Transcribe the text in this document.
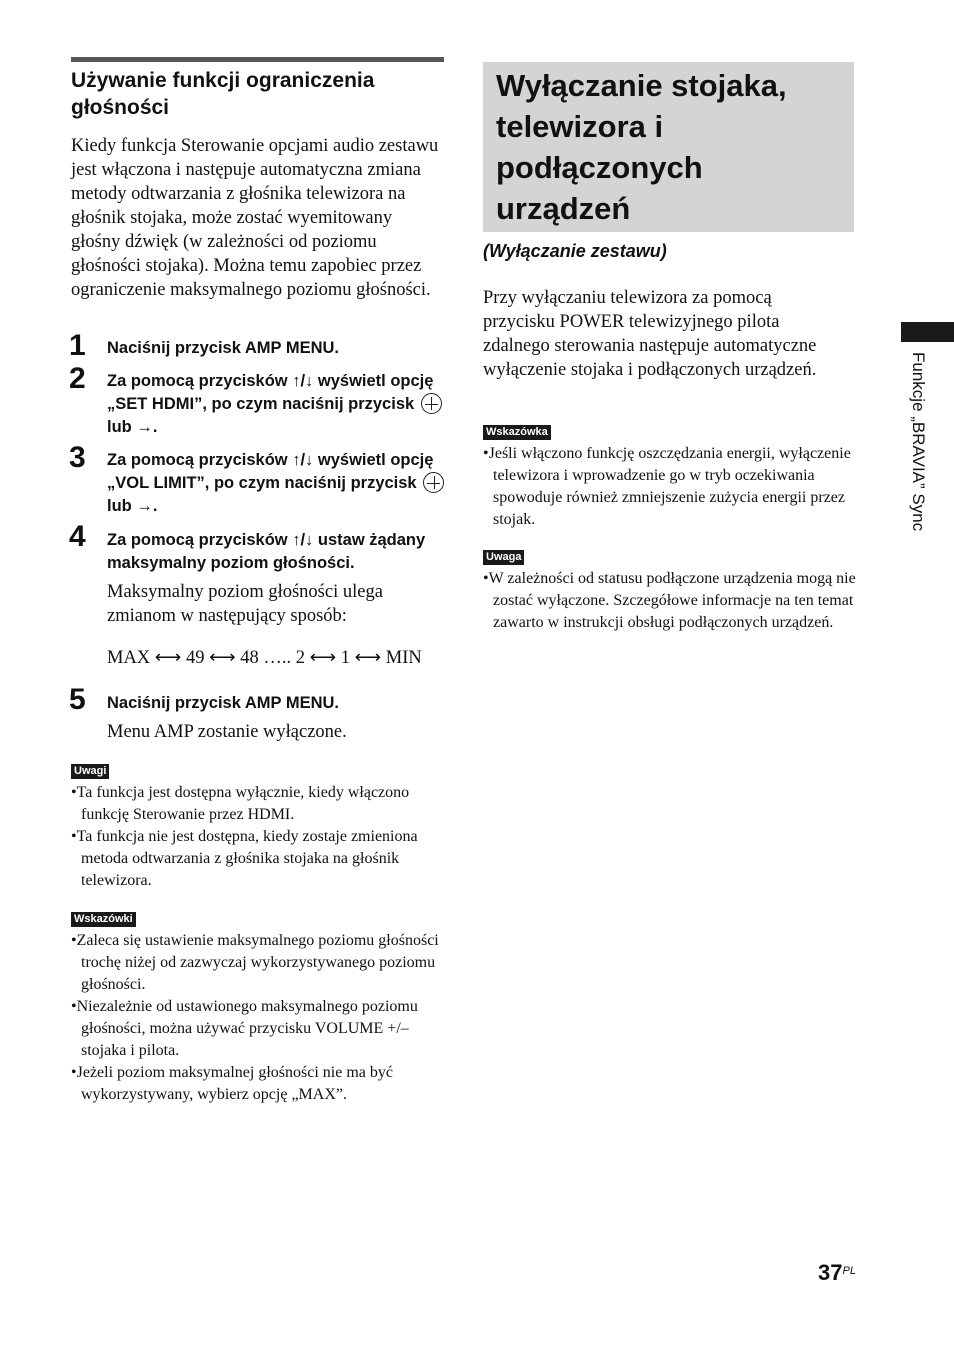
Używanie funkcji ograniczenia głośności

Kiedy funkcja Sterowanie opcjami audio zestawu jest włączona i następuje automatyczna zmiana metody odtwarzania z głośnika telewizora na głośnik stojaka, może zostać wyemitowany głośny dźwięk (w zależności od poziomu głośności stojaka). Można temu zapobiec przez ograniczenie maksymalnego poziomu głośności.

1	Naciśnij przycisk AMP MENU.

2	Za pomocą przycisków ↑/↓ wyświetl opcję „SET HDMI”, po czym naciśnij przycisk  lub →.

3	Za pomocą przycisków ↑/↓ wyświetl opcję „VOL LIMIT”, po czym naciśnij przycisk  lub →.

4	Za pomocą przycisków ↑/↓ ustaw żądany maksymalny poziom głośności.

Maksymalny poziom głośności ulega zmianom w następujący sposób:

MAX ⟷ 49 ⟷ 48 ….. 2 ⟷ 1 ⟷ MIN

5	Naciśnij przycisk AMP MENU.

Menu AMP zostanie wyłączone.

Uwagi
• Ta funkcja jest dostępna wyłącznie, kiedy włączono funkcję Sterowanie przez HDMI.
• Ta funkcja nie jest dostępna, kiedy zostaje zmieniona metoda odtwarzania z głośnika stojaka na głośnik telewizora.
Wskazówki
• Zaleca się ustawienie maksymalnego poziomu głośności trochę niżej od zazwyczaj wykorzystywanego poziomu głośności.
• Niezależnie od ustawionego maksymalnego poziomu głośności, można używać przycisku VOLUME +/– stojaka i pilota.
• Jeżeli poziom maksymalnej głośności nie ma być wykorzystywany, wybierz opcję „MAX”.
Wyłączanie stojaka, telewizora i podłączonych urządzeń

(Wyłączanie zestawu)

Przy wyłączaniu telewizora za pomocą przycisku POWER telewizyjnego pilota zdalnego sterowania następuje automatyczne wyłączenie stojaka i podłączonych urządzeń.

Wskazówka
• Jeśli włączono funkcję oszczędzania energii, wyłączenie telewizora i wprowadzenie go w tryb oczekiwania spowoduje również zmniejszenie zużycia energii przez stojak.
Uwaga
• W zależności od statusu podłączone urządzenia mogą nie zostać wyłączone. Szczegółowe informacje na ten temat zawarto w instrukcji obsługi podłączonych urządzeń.
Funkcje „BRAVIA” Sync
$37^{PL}$
